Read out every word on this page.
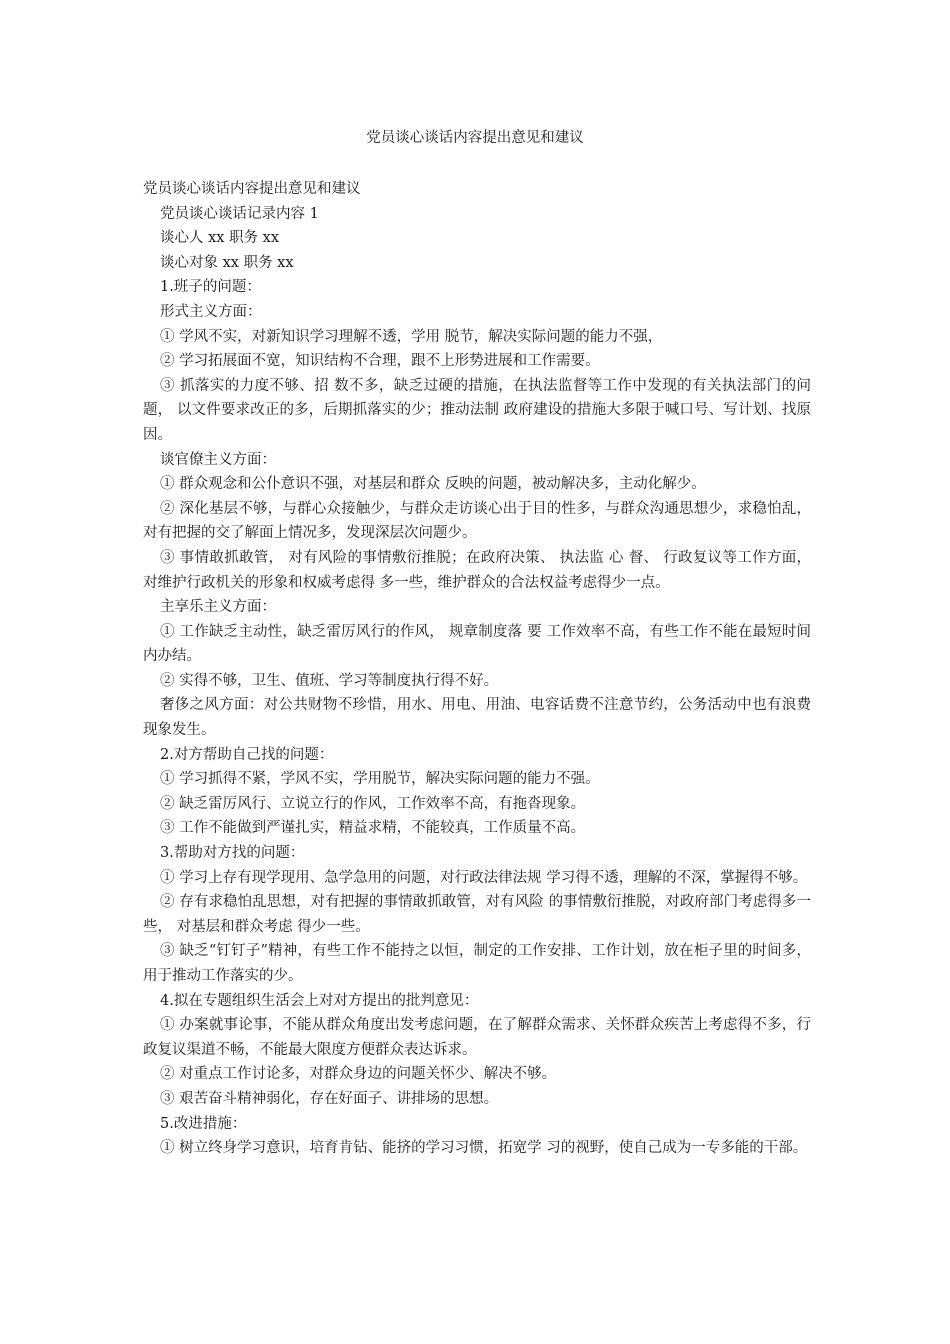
党员谈心谈话内容提出意见和建议

党员谈心谈话内容提出意见和建议

党员谈心谈话记录内容 1

谈心人 xx 职务 xx

谈心对象 xx 职务 xx

1.班子的问题：

形式主义方面：

① 学风不实，对新知识学习理解不透，学用 脱节，解决实际问题的能力不强，

② 学习拓展面不宽，知识结构不合理，跟不上形势进展和工作需要。

③ 抓落实的力度不够、招 数不多，缺乏过硬的措施，在执法监督等工作中发现的有关执法部门的问题， 以文件要求改正的多，后期抓落实的少；推动法制 政府建设的措施大多限于喊口号、写计划、找原因。

谈官僚主义方面：

① 群众观念和公仆意识不强，对基层和群众 反映的问题，被动解决多，主动化解少。

② 深化基层不够，与群心众接触少，与群众走访谈心出于目的性多，与群众沟通思想少，求稳怕乱，对有把握的交了解面上情况多，发现深层次问题少。

③ 事情敢抓敢管， 对有风险的事情敷衍推脱；在政府决策、 执法监 心 督、 行政复议等工作方面， 对维护行政机关的形象和权威考虑得 多一些，维护群众的合法权益考虑得少一点。

主享乐主义方面：

① 工作缺乏主动性，缺乏雷厉风行的作风， 规章制度落 要 工作效率不高，有些工作不能在最短时间内办结。

② 实得不够，卫生、值班、学习等制度执行得不好。

奢侈之风方面：对公共财物不珍惜，用水、用电、用油、电容话费不注意节约，公务活动中也有浪费现象发生。

2.对方帮助自己找的问题：

① 学习抓得不紧，学风不实，学用脱节，解决实际问题的能力不强。

② 缺乏雷厉风行、立说立行的作风，工作效率不高，有拖沓现象。

③ 工作不能做到严谨扎实，精益求精，不能较真，工作质量不高。

3.帮助对方找的问题：

① 学习上存有现学现用、急学急用的问题，对行政法律法规 学习得不透，理解的不深，掌握得不够。

② 存有求稳怕乱思想，对有把握的事情敢抓敢管，对有风险 的事情敷衍推脱，对政府部门考虑得多一些， 对基层和群众考虑 得少一些。

③ 缺乏“钉钉子”精神，有些工作不能持之以恒，制定的工作安排、工作计划，放在柜子里的时间多，用于推动工作落实的少。

4.拟在专题组织生活会上对对方提出的批判意见：

① 办案就事论事，不能从群众角度出发考虑问题，在了解群众需求、关怀群众疾苦上考虑得不多，行政复议渠道不畅，不能最大限度方便群众表达诉求。

② 对重点工作讨论多，对群众身边的问题关怀少、解决不够。

③ 艰苦奋斗精神弱化，存在好面子、讲排场的思想。

5.改进措施：

① 树立终身学习意识，培育肯钻、能挤的学习习惯，拓宽学 习的视野，使自己成为一专多能的干部。
